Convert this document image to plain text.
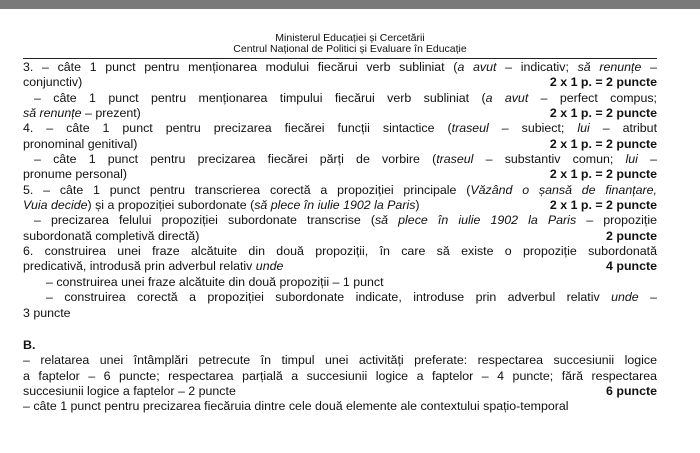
Ministerul Educației și Cercetării
Centrul Național de Politici și Evaluare în Educație
3. – câte 1 punct pentru menționarea modului fiecărui verb subliniat (a avut – indicativ; să renunțe –
conjunctiv)	2 x 1 p. = 2 puncte
– câte 1 punct pentru menționarea timpului fiecărui verb subliniat (a avut – perfect compus;
să renunțe – prezent)	2 x 1 p. = 2 puncte
4. – câte 1 punct pentru precizarea fiecărei funcții sintactice (traseul – subiect; lui – atribut
pronominal genitival)	2 x 1 p. = 2 puncte
– câte 1 punct pentru precizarea fiecărei părți de vorbire (traseul – substantiv comun; lui –
pronume personal)	2 x 1 p. = 2 puncte
5. – câte 1 punct pentru transcrierea corectă a propoziției principale (Văzând o șansă de finanțare,
Vuia decide) și a propoziției subordonate (să plece în iulie 1902 la Paris)	2 x 1 p. = 2 puncte
– precizarea felului propoziției subordonate transcrise (să plece în iulie 1902 la Paris – propoziție
subordonată completivă directă)	2 puncte
6. construirea unei fraze alcătuite din două propoziții, în care să existe o propoziție subordonată
predicativă, introdusă prin adverbul relativ unde	4 puncte
– construirea unei fraze alcătuite din două propoziții – 1 punct
– construirea corectă a propoziției subordonate indicate, introduse prin adverbul relativ unde –
3 puncte
B.
– relatarea unei întâmplări petrecute în timpul unei activități preferate: respectarea succesiunii logice
a faptelor – 6 puncte; respectarea parțială a succesiunii logice a faptelor – 4 puncte; fără respectarea
succesiunii logice a faptelor – 2 puncte	6 puncte
– câte 1 punct pentru precizarea fiecăruia dintre cele două elemente ale contextului spațio-temporal
